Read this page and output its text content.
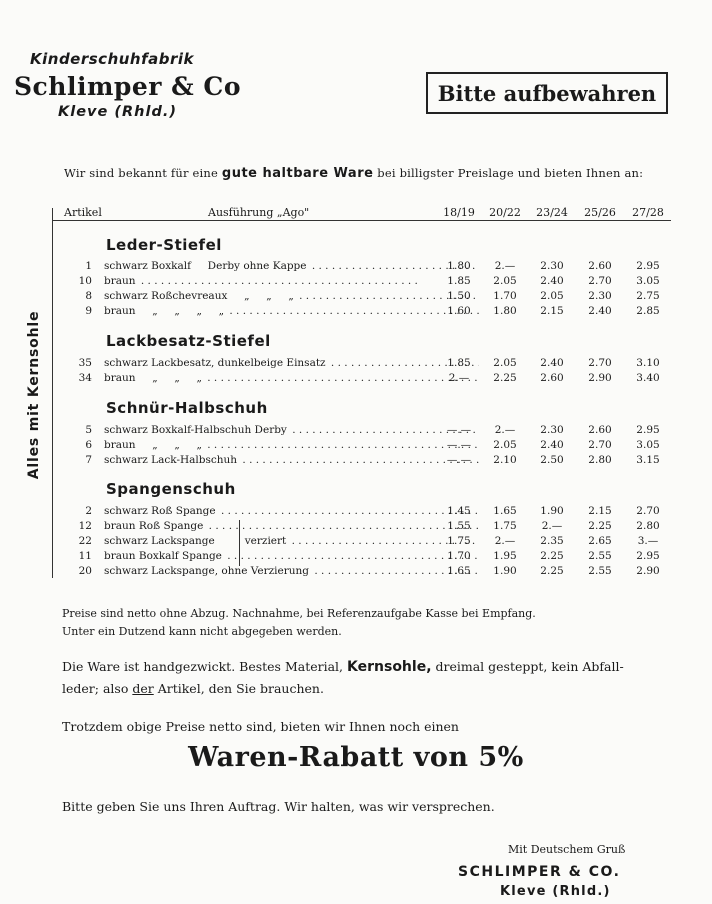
Kinderschuhfabrik
Schlimper & Co
Kleve (Rhld.)
Bitte aufbewahren
Wir sind bekannt für eine gute haltbare Ware bei billigster Preislage und bieten Ihnen an:
Alles mit Kernsohle
Artikel	Ausführung „Ago"	18/19	20/22	23/24	25/26	27/28
Leder-Stiefel
Lackbesatz-Stiefel
Schnür-Halbschuh
Spangenschuh
1 schwarz Boxkalf     Derby ohne Kappe . . .	1.80	2.—	2.30	2.60	2.95
10 braun . . .	1.85	2.05	2.40	2.70	3.05
8 schwarz Roßchevreaux     „     „     „ . . .	1.50	1.70	2.05	2.30	2.75
9 braun     „     „     „     „ . . .	1.60	1.80	2.15	2.40	2.85
35 schwarz Lackbesatz, dunkelbeige Einsatz . . .	1.85	2.05	2.40	2.70	3.10
34 braun     „     „     „ . . .	2.—	2.25	2.60	2.90	3.40
5 schwarz Boxkalf-Halbschuh Derby . . .	—.—	2.—	2.30	2.60	2.95
6 braun     „     „     „ . . .	—.—	2.05	2.40	2.70	3.05
7 schwarz Lack-Halbschuh . . .	—.—	2.10	2.50	2.80	3.15
2 schwarz Roß Spange . . .	1.45	1.65	1.90	2.15	2.70
12 braun Roß Spange . . .	1.55	1.75	2.—	2.25	2.80
22 schwarz Lackspange         verziert . . .	1.75	2.—	2.35	2.65	3.—
11 braun Boxkalf Spange . . .	1.70	1.95	2.25	2.55	2.95
20 schwarz Lackspange, ohne Verzierung . . .	1.65	1.90	2.25	2.55	2.90
Preise sind netto ohne Abzug. Nachnahme, bei Referenzaufgabe Kasse bei Empfang.
Unter ein Dutzend kann nicht abgegeben werden.
Die Ware ist handgezwickt. Bestes Material, Kernsohle, dreimal gesteppt, kein Abfall-
leder; also der Artikel, den Sie brauchen.
Trotzdem obige Preise netto sind, bieten wir Ihnen noch einen
Waren-Rabatt von 5%
Bitte geben Sie uns Ihren Auftrag. Wir halten, was wir versprechen.
Mit Deutschem Gruß
SCHLIMPER & CO.
Kleve (Rhld.)
